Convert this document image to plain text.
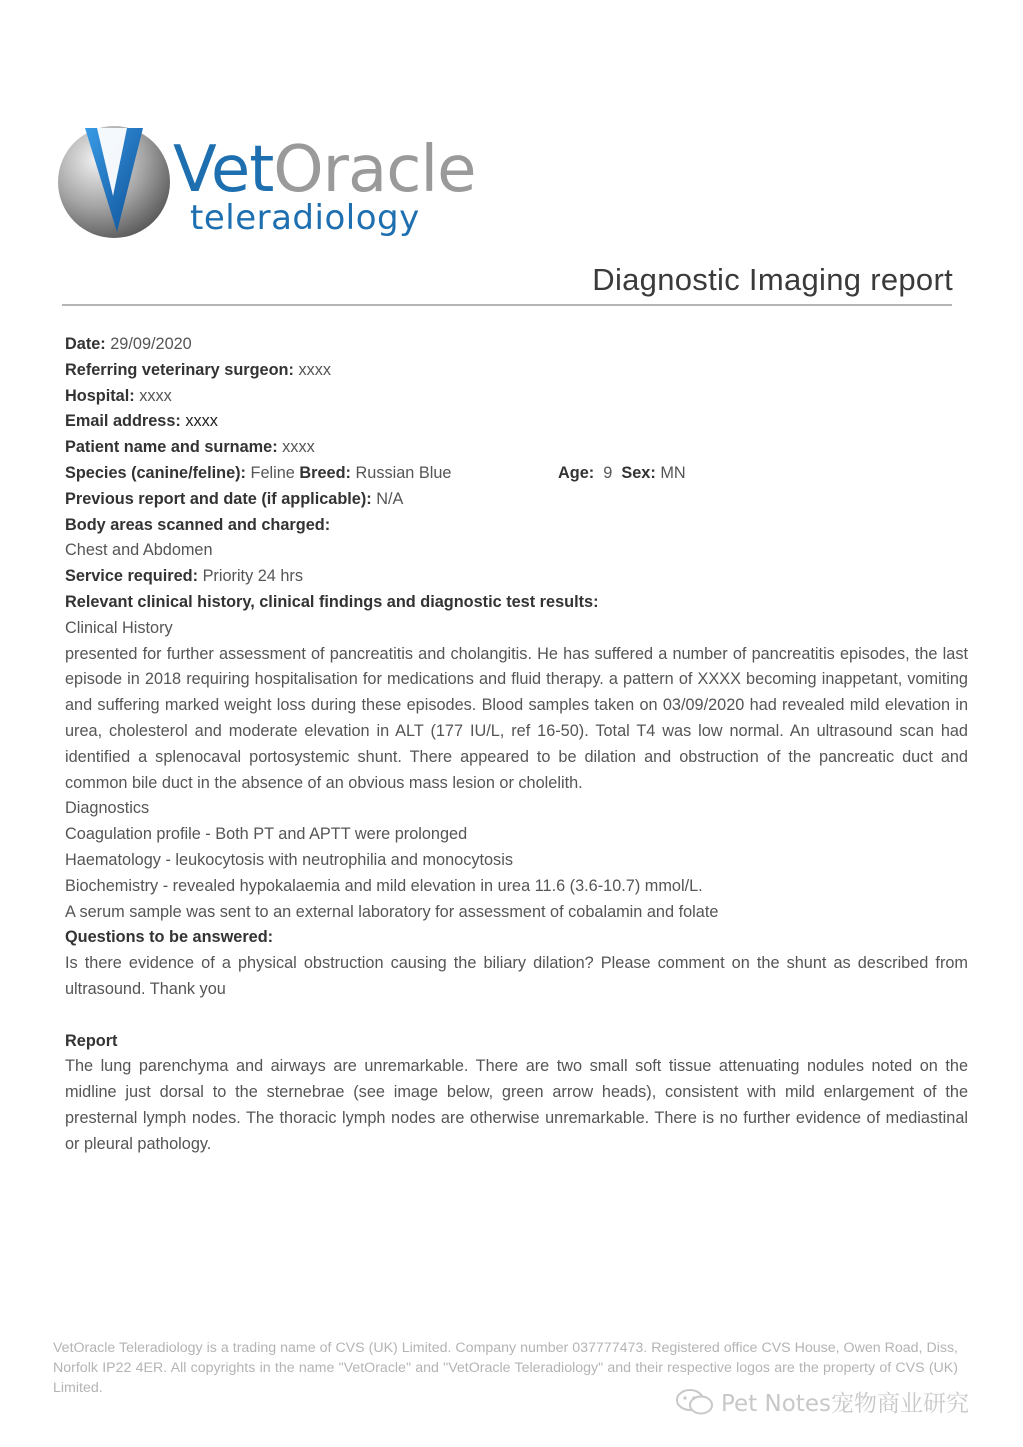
VetOracle
teleradiology
Diagnostic Imaging report
Date: 29/09/2020
Referring veterinary surgeon: xxxx
Hospital: xxxx
Email address: xxxx
Patient name and surname: xxxx
Species (canine/feline): Feline Breed: Russian Blue	Age: 9 Sex: MN
Previous report and date (if applicable): N/A
Body areas scanned and charged:
Chest and Abdomen
Service required: Priority 24 hrs
Relevant clinical history, clinical findings and diagnostic test results:
Clinical History
presented for further assessment of pancreatitis and cholangitis. He has suffered a number of pancreatitis episodes, the last episode in 2018 requiring hospitalisation for medications and fluid therapy. a pattern of XXXX becoming inappetant, vomiting and suffering marked weight loss during these episodes. Blood samples taken on 03/09/2020 had revealed mild elevation in urea, cholesterol and moderate elevation in ALT (177 IU/L, ref 16-50). Total T4 was low normal. An ultrasound scan had identified a splenocaval portosystemic shunt. There appeared to be dilation and obstruction of the pancreatic duct and common bile duct in the absence of an obvious mass lesion or cholelith.
Diagnostics
Coagulation profile - Both PT and APTT were prolonged
Haematology - leukocytosis with neutrophilia and monocytosis
Biochemistry - revealed hypokalaemia and mild elevation in urea 11.6 (3.6-10.7) mmol/L.
A serum sample was sent to an external laboratory for assessment of cobalamin and folate
Questions to be answered:
Is there evidence of a physical obstruction causing the biliary dilation? Please comment on the shunt as described from ultrasound. Thank you
Report
The lung parenchyma and airways are unremarkable. There are two small soft tissue attenuating nodules noted on the midline just dorsal to the sternebrae (see image below, green arrow heads), consistent with mild enlargement of the presternal lymph nodes. The thoracic lymph nodes are otherwise unremarkable. There is no further evidence of mediastinal or pleural pathology.
VetOracle Teleradiology is a trading name of CVS (UK) Limited. Company number 037777473. Registered office CVS House, Owen Road, Diss, Norfolk IP22 4ER. All copyrights in the name "VetOracle" and "VetOracle Teleradiology" and their respective logos are the property of CVS (UK) Limited.
Pet Notes宠物商业研究
